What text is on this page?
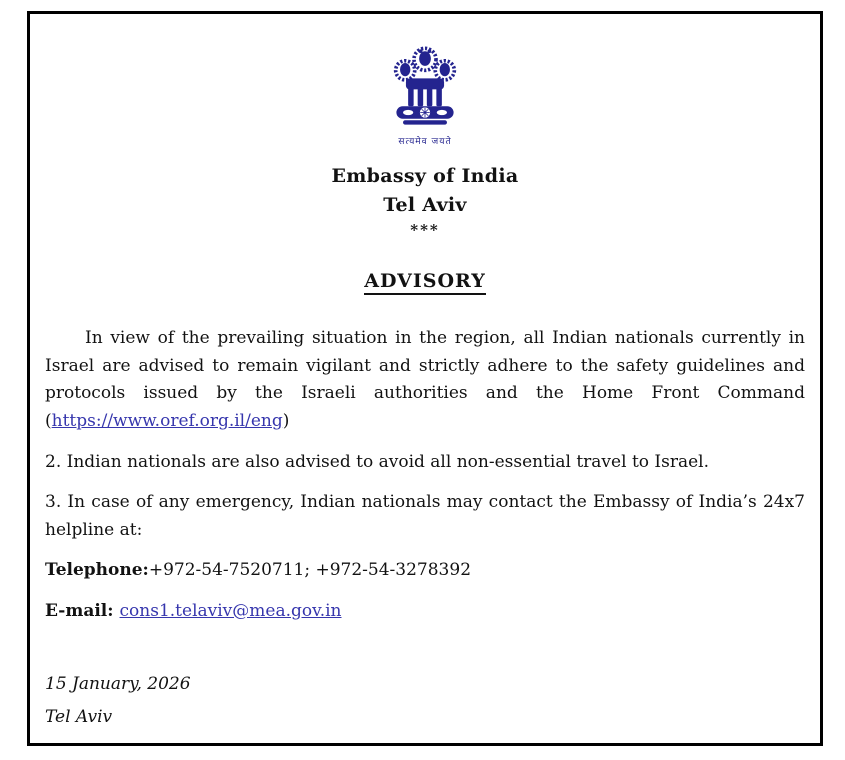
सत्यमेव जयते
Embassy of India
Tel Aviv
***
ADVISORY

In view of the prevailing situation in the region, all Indian nationals currently in Israel are advised to remain vigilant and strictly adhere to the safety guidelines and protocols issued by the Israeli authorities and the Home Front Command (https://www.oref.org.il/eng)

2. Indian nationals are also advised to avoid all non-essential travel to Israel.

3. In case of any emergency, Indian nationals may contact the Embassy of India’s 24x7 helpline at:

Telephone:+972-54-7520711; +972-54-3278392

E-mail: cons1.telaviv@mea.gov.in

15 January, 2026

Tel Aviv
